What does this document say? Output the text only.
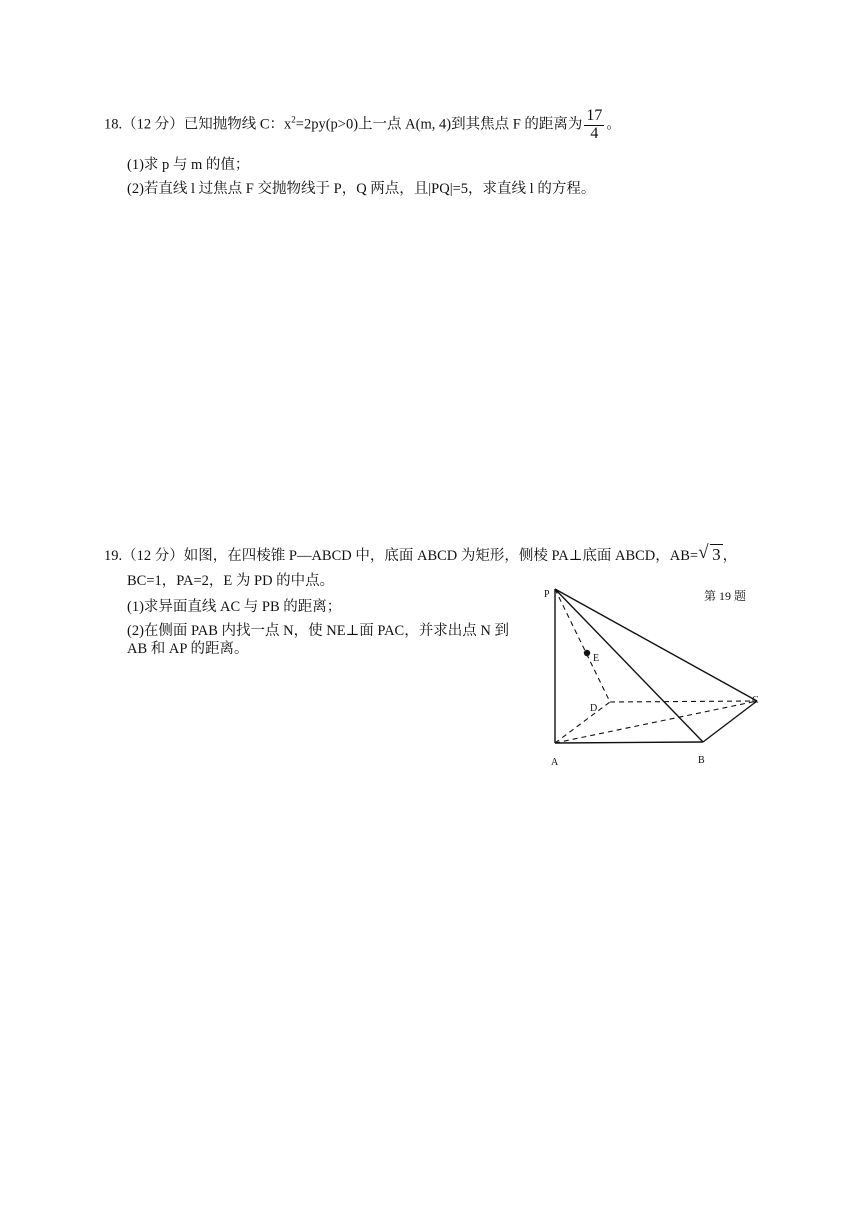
18.（12 分）已知抛物线 C：$x^2=2py(p>0)$上一点 A(m, 4)到其焦点 F 的距离为 $\frac{17}{4}$ 。
(1)求 p 与 m 的值；
(2)若直线 l 过焦点 F 交抛物线于 P，Q 两点，且|PQ|=5，求直线 l 的方程。
19.（12 分）如图，在四棱锥 P—ABCD 中，底面 ABCD 为矩形，侧棱 PA⊥底面 ABCD，AB= √ 3 ，
BC=1，PA=2，E 为 PD 的中点。
(1)求异面直线 AC 与 PB 的距离；
(2)在侧面 PAB 内找一点 N，使 NE⊥面 PAC，并求出点 N 到
AB 和 AP 的距离。
P
E
D
C
A	B
第 19 题
